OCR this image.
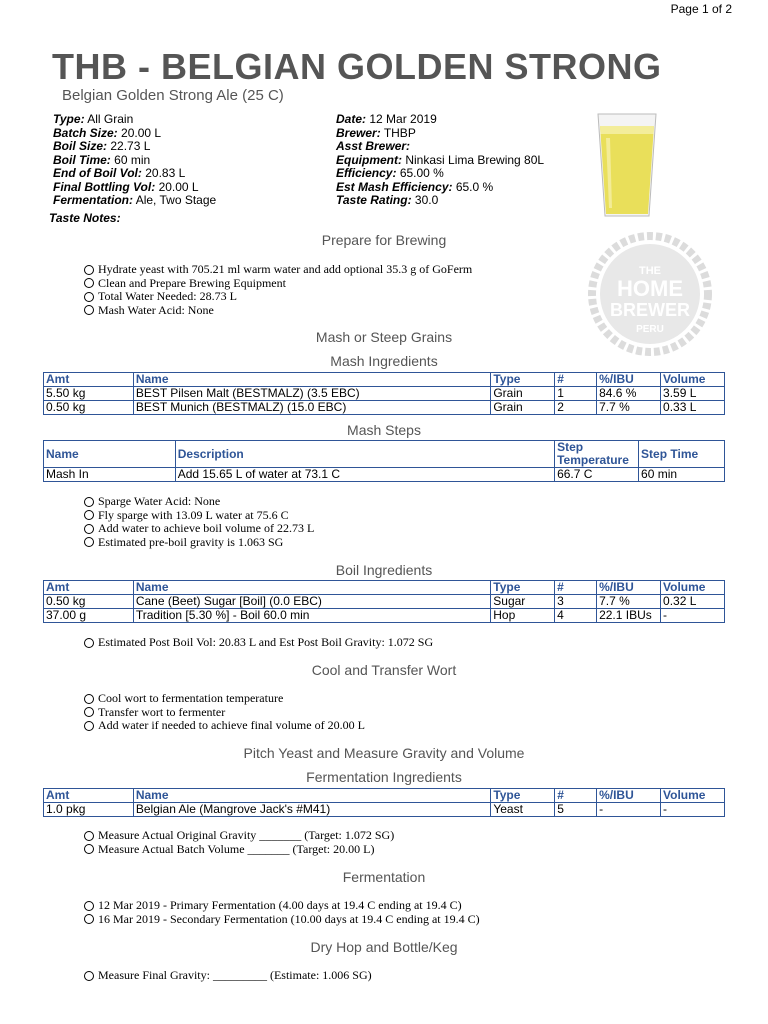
Page 1 of 2
THB - BELGIAN GOLDEN STRONG
Belgian Golden Strong Ale (25 C)
Type: All Grain
Batch Size: 20.00 L
Boil Size: 22.73 L
Boil Time: 60 min
End of Boil Vol: 20.83 L
Final Bottling Vol: 20.00 L
Fermentation: Ale, Two Stage
Date: 12 Mar 2019
Brewer: THBP
Asst Brewer:
Equipment: Ninkasi Lima Brewing 80L
Efficiency: 65.00 %
Est Mash Efficiency: 65.0 %
Taste Rating: 30.0
Taste Notes:
THE
HOME
BREWER
PERU
Prepare for Brewing
Hydrate yeast with 705.21 ml warm water and add optional 35.3 g of GoFerm
Clean and Prepare Brewing Equipment
Total Water Needed: 28.73 L
Mash Water Acid: None
Mash or Steep Grains
Mash Ingredients
Amt	Name	Type	#	%/IBU	Volume
5.50 kg	BEST Pilsen Malt (BESTMALZ) (3.5 EBC)	Grain	1	84.6 %	3.59 L
0.50 kg	BEST Munich (BESTMALZ) (15.0 EBC)	Grain	2	7.7 %	0.33 L
Mash Steps
Name	Description	Step Temperature	Step Time
Mash In	Add 15.65 L of water at 73.1 C	66.7 C	60 min
Sparge Water Acid: None
Fly sparge with 13.09 L water at 75.6 C
Add water to achieve boil volume of 22.73 L
Estimated pre-boil gravity is 1.063 SG
Boil Ingredients
Amt	Name	Type	#	%/IBU	Volume
0.50 kg	Cane (Beet) Sugar [Boil] (0.0 EBC)	Sugar	3	7.7 %	0.32 L
37.00 g	Tradition [5.30 %] - Boil 60.0 min	Hop	4	22.1 IBUs	-
Estimated Post Boil Vol: 20.83 L and Est Post Boil Gravity: 1.072 SG
Cool and Transfer Wort
Cool wort to fermentation temperature
Transfer wort to fermenter
Add water if needed to achieve final volume of 20.00 L
Pitch Yeast and Measure Gravity and Volume
Fermentation Ingredients
Amt	Name	Type	#	%/IBU	Volume
1.0 pkg	Belgian Ale (Mangrove Jack's #M41)	Yeast	5	-	-
Measure Actual Original Gravity _______ (Target: 1.072 SG)
Measure Actual Batch Volume _______ (Target: 20.00 L)
Fermentation
12 Mar 2019 - Primary Fermentation (4.00 days at 19.4 C ending at 19.4 C)
16 Mar 2019 - Secondary Fermentation (10.00 days at 19.4 C ending at 19.4 C)
Dry Hop and Bottle/Keg
Measure Final Gravity: _________ (Estimate: 1.006 SG)
